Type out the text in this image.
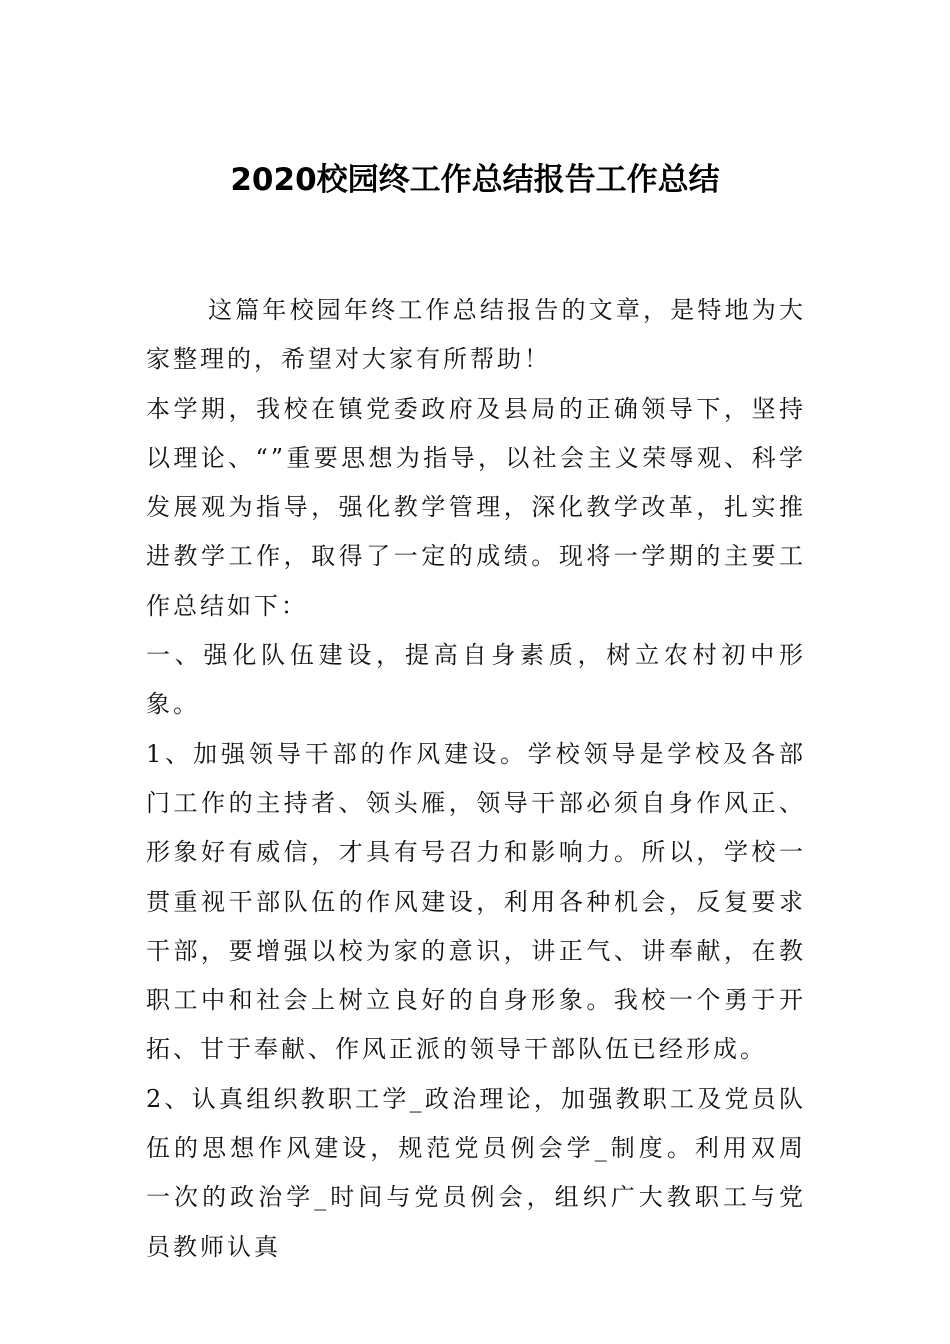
2020校园终工作总结报告工作总结

这篇年校园年终工作总结报告的文章，是特地为大家整理的，希望对大家有所帮助！

本学期，我校在镇党委政府及县局的正确领导下，坚持以理论、“”重要思想为指导，以社会主义荣辱观、科学发展观为指导，强化教学管理，深化教学改革，扎实推进教学工作，取得了一定的成绩。现将一学期的主要工作总结如下：

一、强化队伍建设，提高自身素质，树立农村初中形象。

1、加强领导干部的作风建设。学校领导是学校及各部门工作的主持者、领头雁，领导干部必须自身作风正、形象好有威信，才具有号召力和影响力。所以，学校一贯重视干部队伍的作风建设，利用各种机会，反复要求干部，要增强以校为家的意识，讲正气、讲奉献，在教职工中和社会上树立良好的自身形象。我校一个勇于开拓、甘于奉献、作风正派的领导干部队伍已经形成。

2、认真组织教职工学_政治理论，加强教职工及党员队伍的思想作风建设，规范党员例会学_制度。利用双周一次的政治学_时间与党员例会，组织广大教职工与党员教师认真
